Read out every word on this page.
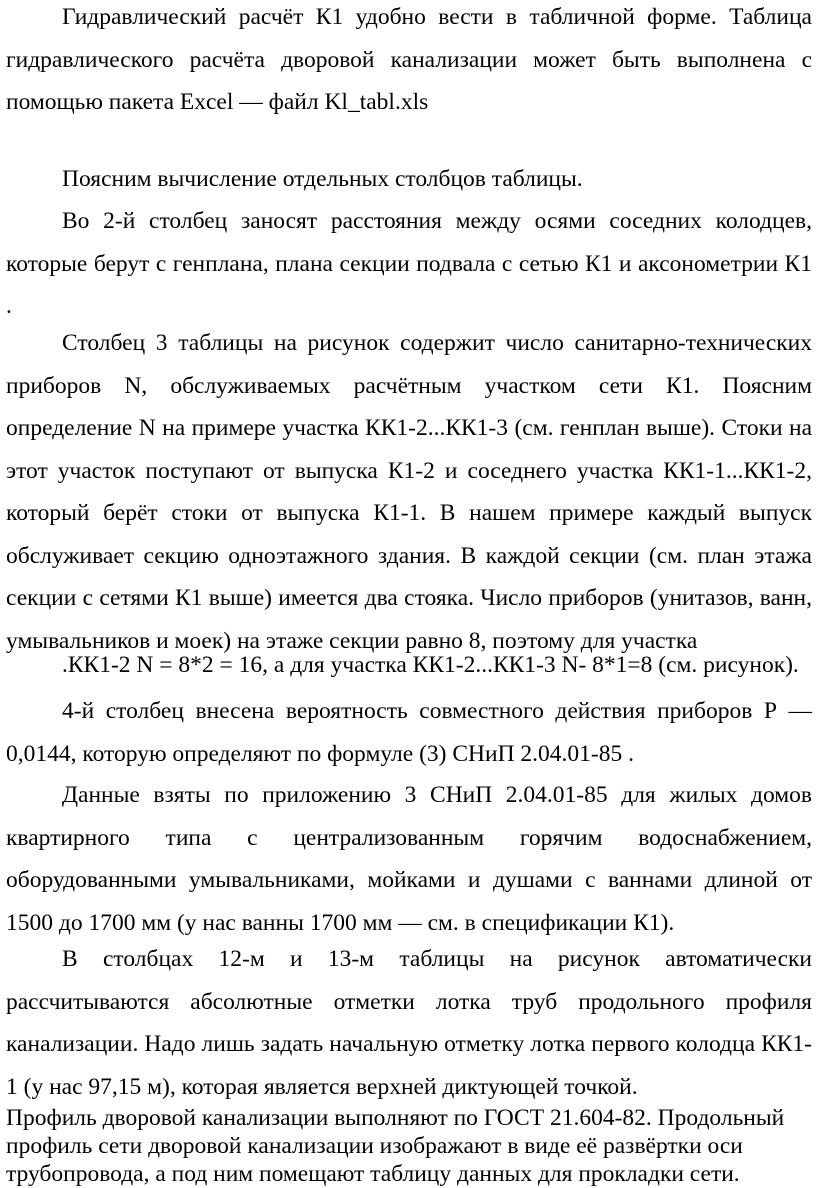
Гидравлический расчёт К1 удобно вести в табличной форме. Таблица гидравлического расчёта дворовой канализации может быть выполнена с помощью пакета Excel — файл Kl_tabl.xls

Поясним вычисление отдельных столбцов таблицы.

Во 2-й столбец заносят расстояния между осями соседних колодцев, которые берут с генплана, плана секции подвала с сетью К1 и аксонометрии К1 .

Столбец 3 таблицы на рисунок содержит число санитарно-технических приборов N, обслуживаемых расчётным участком сети К1. Поясним определение N на примере участка КК1-2...КК1-3 (см. генплан выше). Стоки на этот участок поступают от выпуска К1-2 и соседнего участка КК1-1...КК1-2, который берёт стоки от выпуска К1-1. В нашем примере каждый выпуск обслуживает секцию одноэтажного здания. В каждой секции (см. план этажа секции с сетями К1 выше) имеется два стояка. Число приборов (унитазов, ванн, умывальников и моек) на этаже секции равно 8, поэтому для участка

.КК1-2 N = 8*2 = 16, а для участка КК1-2...КК1-3 N- 8*1=8 (см. рисунок).

4-й столбец внесена вероятность совместного действия приборов Р — 0,0144, которую определяют по формуле (3) СНиП 2.04.01-85 .

Данные взяты по приложению 3 СНиП 2.04.01-85 для жилых домов квартирного типа с централизованным горячим водоснабжением, оборудованными умывальниками, мойками и душами с ваннами длиной от 1500 до 1700 мм (у нас ванны 1700 мм — см. в спецификации К1).

В столбцах 12-м и 13-м таблицы на рисунок автоматически рассчитываются абсолютные отметки лотка труб продольного профиля канализации. Надо лишь задать начальную отметку лотка первого колодца КК1-1 (у нас 97,15 м), которая является верхней диктующей точкой.

Профиль дворовой канализации выполняют по ГОСТ 21.604-82. Продольный профиль сети дворовой канализации изображают в виде её развёртки оси трубопровода, а под ним помещают таблицу данных для прокладки сети.
